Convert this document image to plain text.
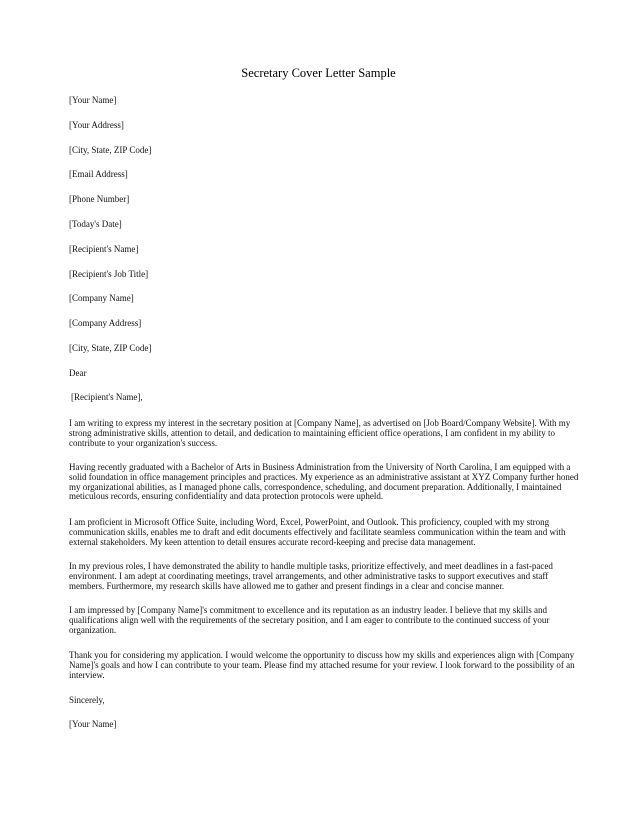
Secretary Cover Letter Sample
[Your Name]
[Your Address]
[City, State, ZIP Code]
[Email Address]
[Phone Number]
[Today's Date]
[Recipient's Name]
[Recipient's Job Title]
[Company Name]
[Company Address]
[City, State, ZIP Code]
Dear
[Recipient's Name],
I am writing to express my interest in the secretary position at [Company Name], as advertised on [Job Board/Company Website]. With my strong administrative skills, attention to detail, and dedication to maintaining efficient office operations, I am confident in my ability to contribute to your organization's success.
Having recently graduated with a Bachelor of Arts in Business Administration from the University of North Carolina, I am equipped with a solid foundation in office management principles and practices. My experience as an administrative assistant at XYZ Company further honed my organizational abilities, as I managed phone calls, correspondence, scheduling, and document preparation. Additionally, I maintained meticulous records, ensuring confidentiality and data protection protocols were upheld.
I am proficient in Microsoft Office Suite, including Word, Excel, PowerPoint, and Outlook. This proficiency, coupled with my strong communication skills, enables me to draft and edit documents effectively and facilitate seamless communication within the team and with external stakeholders. My keen attention to detail ensures accurate record-keeping and precise data management.
In my previous roles, I have demonstrated the ability to handle multiple tasks, prioritize effectively, and meet deadlines in a fast-paced environment. I am adept at coordinating meetings, travel arrangements, and other administrative tasks to support executives and staff members. Furthermore, my research skills have allowed me to gather and present findings in a clear and concise manner.
I am impressed by [Company Name]'s commitment to excellence and its reputation as an industry leader. I believe that my skills and qualifications align well with the requirements of the secretary position, and I am eager to contribute to the continued success of your organization.
Thank you for considering my application. I would welcome the opportunity to discuss how my skills and experiences align with [Company Name]'s goals and how I can contribute to your team. Please find my attached resume for your review. I look forward to the possibility of an interview.
Sincerely,
[Your Name]
